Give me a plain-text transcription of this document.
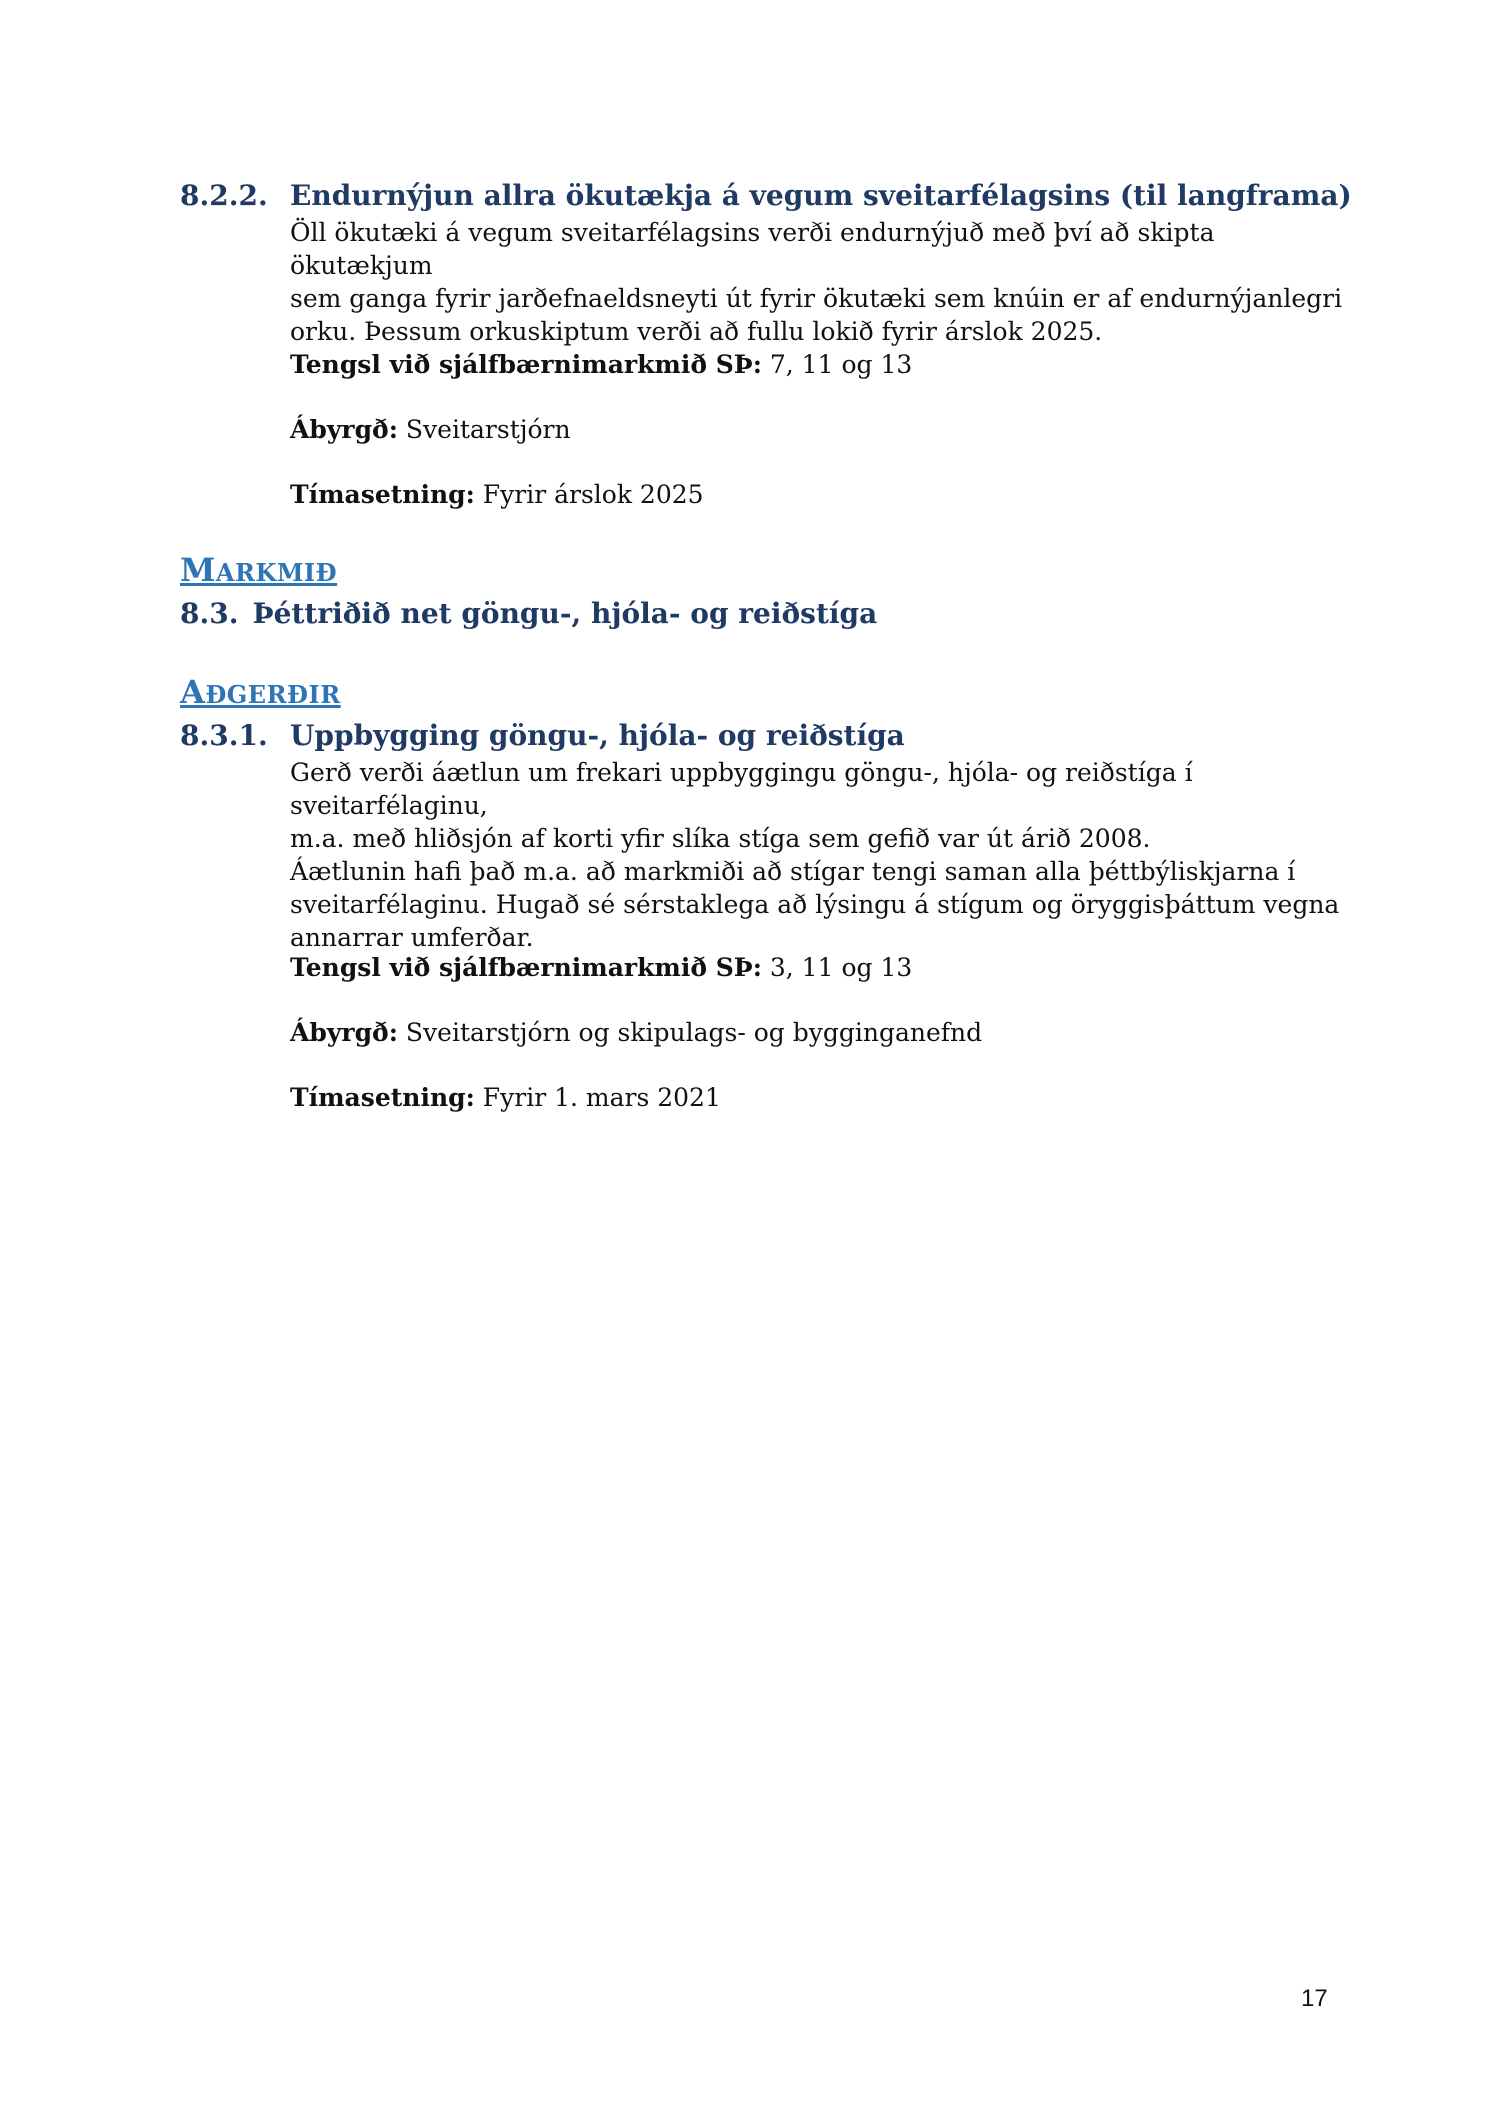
8.2.2. Endurnýjun allra ökutækja á vegum sveitarfélagsins (til langframa)

Öll ökutæki á vegum sveitarfélagsins verði endurnýjuð með því að skipta ökutækjum

sem ganga fyrir jarðefnaeldsneyti út fyrir ökutæki sem knúin er af endurnýjanlegri

orku. Þessum orkuskiptum verði að fullu lokið fyrir árslok 2025.

Tengsl við sjálfbærnimarkmið SÞ: 7, 11 og 13
Ábyrgð: Sveitarstjórn
Tímasetning: Fyrir árslok 2025
MARKMIÐ
8.3. Þéttriðið net göngu-, hjóla- og reiðstíga
AÐGERÐIR
8.3.1. Uppbygging göngu-, hjóla- og reiðstíga

Gerð verði áætlun um frekari uppbyggingu göngu-, hjóla- og reiðstíga í sveitarfélaginu,

m.a. með hliðsjón af korti yfir slíka stíga sem gefið var út árið 2008.

Áætlunin hafi það m.a. að markmiði að stígar tengi saman alla þéttbýliskjarna í

sveitarfélaginu. Hugað sé sérstaklega að lýsingu á stígum og öryggisþáttum vegna

annarrar umferðar.

Tengsl við sjálfbærnimarkmið SÞ: 3, 11 og 13
Ábyrgð: Sveitarstjórn og skipulags- og bygginganefnd
Tímasetning: Fyrir 1. mars 2021
17
